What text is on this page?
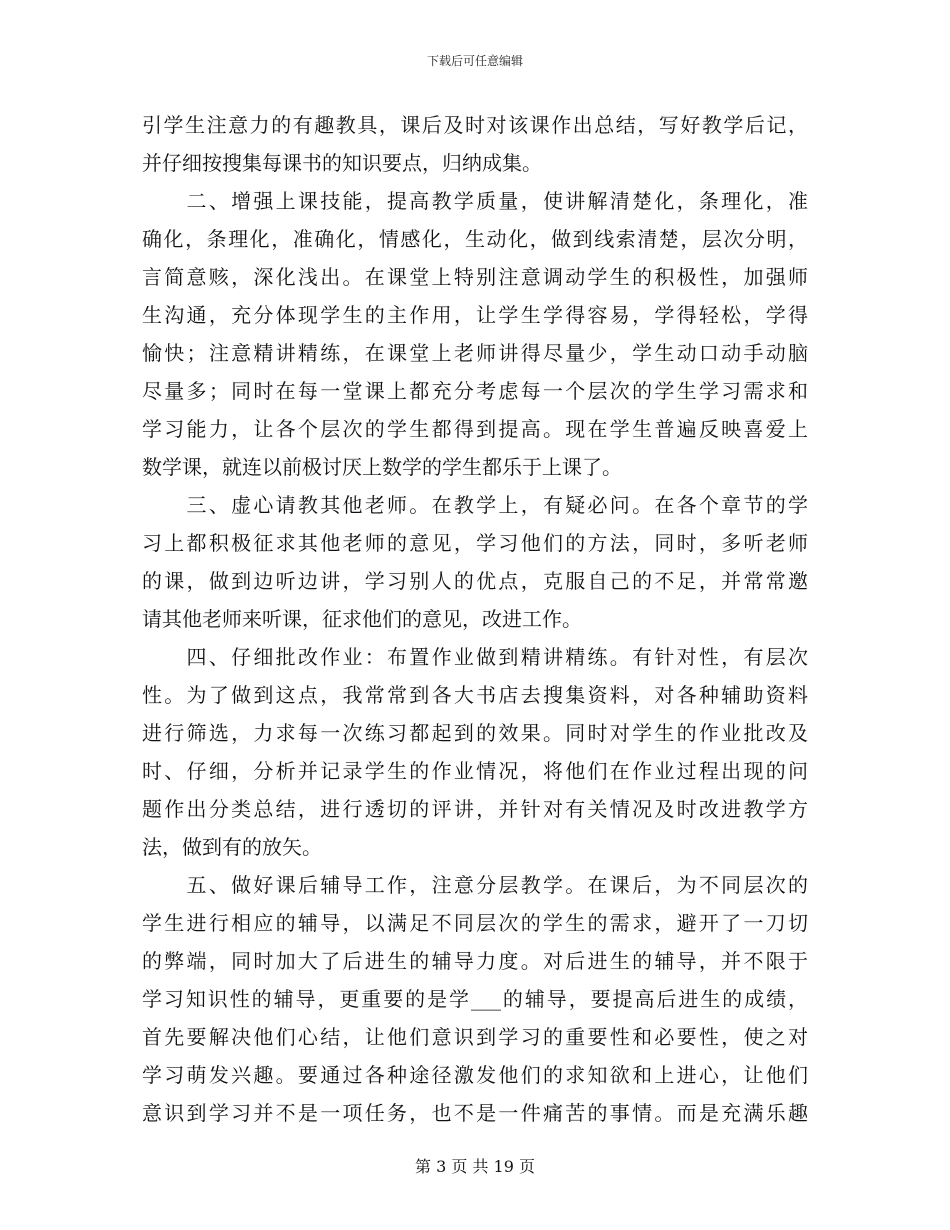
下载后可任意编辑
引学生注意力的有趣教具，课后及时对该课作出总结，写好教学后记，
并仔细按搜集每课书的知识要点，归纳成集。
　　二、增强上课技能，提高教学质量，使讲解清楚化，条理化，准
确化，条理化，准确化，情感化，生动化，做到线索清楚，层次分明，
言简意赅，深化浅出。在课堂上特别注意调动学生的积极性，加强师
生沟通，充分体现学生的主作用，让学生学得容易，学得轻松，学得
愉快；注意精讲精练，在课堂上老师讲得尽量少，学生动口动手动脑
尽量多；同时在每一堂课上都充分考虑每一个层次的学生学习需求和
学习能力，让各个层次的学生都得到提高。现在学生普遍反映喜爱上
数学课，就连以前极讨厌上数学的学生都乐于上课了。
　　三、虚心请教其他老师。在教学上，有疑必问。在各个章节的学
习上都积极征求其他老师的意见，学习他们的方法，同时，多听老师
的课，做到边听边讲，学习别人的优点，克服自己的不足，并常常邀
请其他老师来听课，征求他们的意见，改进工作。
　　四、仔细批改作业：布置作业做到精讲精练。有针对性，有层次
性。为了做到这点，我常常到各大书店去搜集资料，对各种辅助资料
进行筛选，力求每一次练习都起到的效果。同时对学生的作业批改及
时、仔细，分析并记录学生的作业情况，将他们在作业过程出现的问
题作出分类总结，进行透切的评讲，并针对有关情况及时改进教学方
法，做到有的放矢。
　　五、做好课后辅导工作，注意分层教学。在课后，为不同层次的
学生进行相应的辅导，以满足不同层次的学生的需求，避开了一刀切
的弊端，同时加大了后进生的辅导力度。对后进生的辅导，并不限于
学习知识性的辅导，更重要的是学___的辅导，要提高后进生的成绩，
首先要解决他们心结，让他们意识到学习的重要性和必要性，使之对
学习萌发兴趣。要通过各种途径激发他们的求知欲和上进心，让他们
意识到学习并不是一项任务，也不是一件痛苦的事情。而是充满乐趣
第 3 页 共 19 页
